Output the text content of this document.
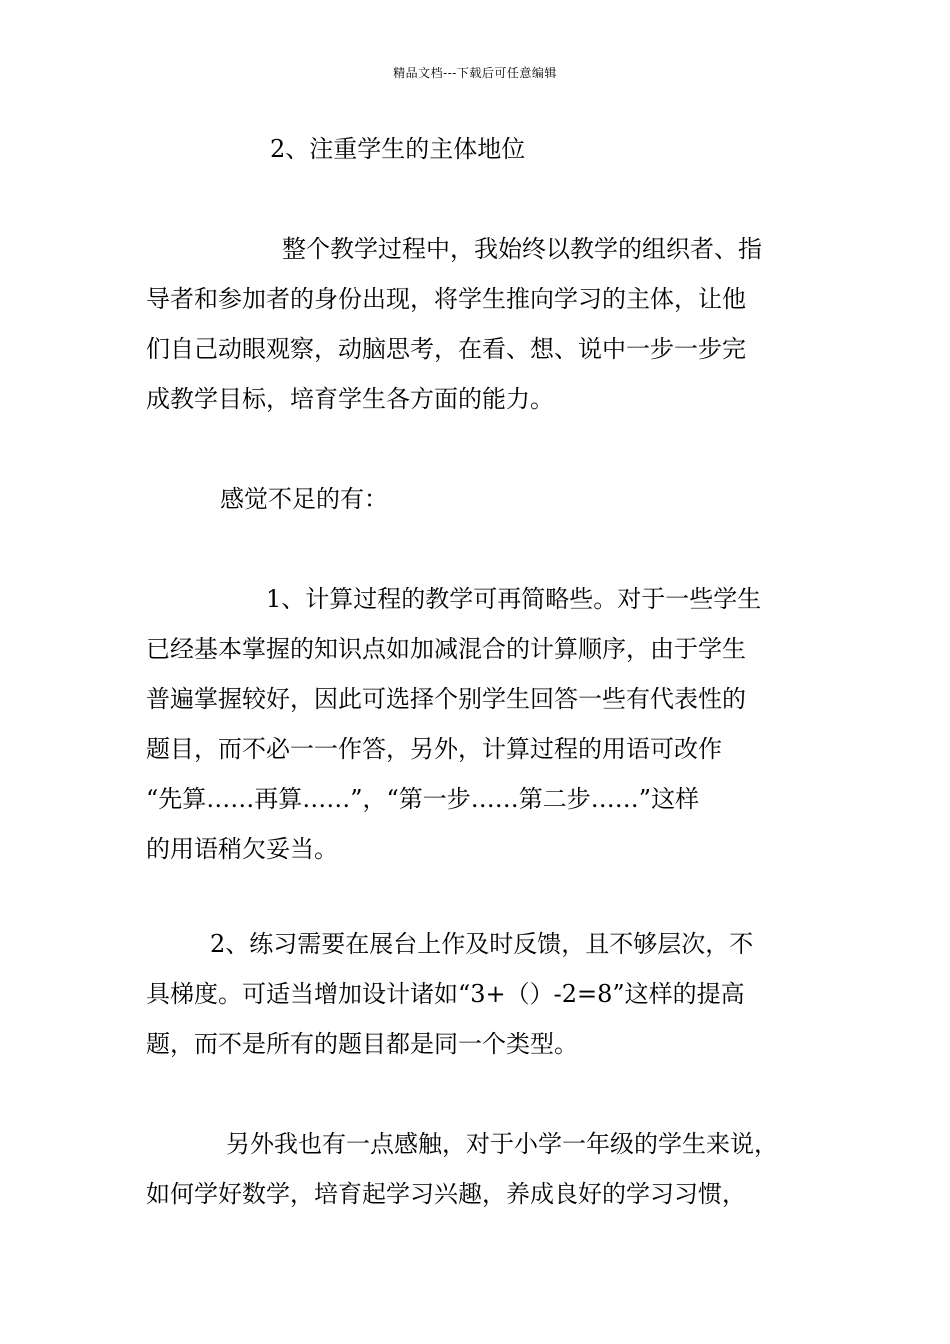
精品文档---下载后可任意编辑
2、注重学生的主体地位
整个教学过程中，我始终以教学的组织者、指
导者和参加者的身份出现，将学生推向学习的主体，让他
们自己动眼观察，动脑思考，在看、想、说中一步一步完
成教学目标，培育学生各方面的能力。
感觉不足的有：
1、计算过程的教学可再简略些。对于一些学生
已经基本掌握的知识点如加减混合的计算顺序，由于学生
普遍掌握较好，因此可选择个别学生回答一些有代表性的
题目，而不必一一作答，另外，计算过程的用语可改作
“先算……再算……”，“第一步……第二步……”这样
的用语稍欠妥当。
2、练习需要在展台上作及时反馈，且不够层次，不
具梯度。可适当增加设计诸如“3+（）-2=8”这样的提高
题，而不是所有的题目都是同一个类型。
另外我也有一点感触，对于小学一年级的学生来说，
如何学好数学，培育起学习兴趣，养成良好的学习习惯，
